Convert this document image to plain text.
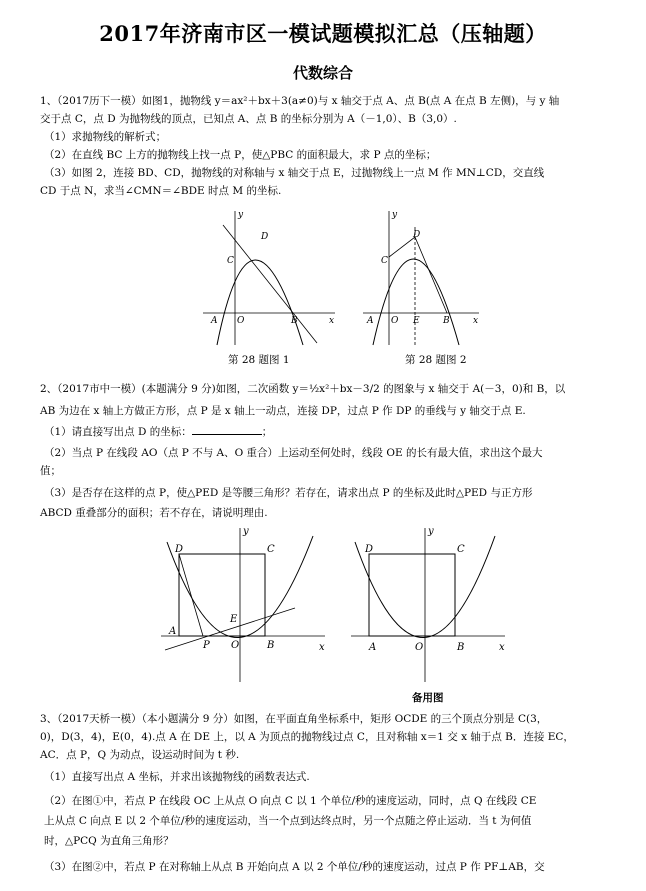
2017年济南市区一模试题模拟汇总（压轴题）
代数综合
1、（2017历下一模）如图1，抛物线 y＝ax²＋bx＋3(a≠0)与 x 轴交于点 A、点 B(点 A 在点 B 左侧)，与 y 轴
交于点 C，点 D 为抛物线的顶点，已知点 A、点 B 的坐标分别为 A（－1,0）、B（3,0）.
（1）求抛物线的解析式；
（2）在直线 BC 上方的抛物线上找一点 P，使△PBC 的面积最大，求 P 点的坐标；
（3）如图 2，连接 BD、CD，抛物线的对称轴与 x 轴交于点 E，过抛物线上一点 M 作 MN⊥CD，交直线
CD 于点 N，求当∠CMN＝∠BDE 时点 M 的坐标.
y
x
D
C
A O	B
第 28 题图 1
y
x
D
C
A O E	B
第 28 题图 2
2、（2017市中一模）(本题满分 9 分)如图，二次函数 y＝½x²＋bx－3/2 的图象与 x 轴交于 A(－3，0)和 B，以
AB 为边在 x 轴上方做正方形，点 P 是 x 轴上一动点，连接 DP，过点 P 作 DP 的垂线与 y 轴交于点 E.
（1）请直接写出点 D 的坐标：	；
（2）当点 P 在线段 AO（点 P 不与 A、O 重合）上运动至何处时，线段 OE 的长有最大值，求出这个最大
值；
（3）是否存在这样的点 P，使△PED 是等腰三角形？若存在，请求出点 P 的坐标及此时△PED 与正方形
ABCD 重叠部分的面积；若不存在，请说明理由.
y
x
D	C
E
A
P O	B
y
x
D	C
A	O	B
备用图
3、（2017天桥一模）（本小题满分 9 分）如图，在平面直角坐标系中，矩形 OCDE 的三个顶点分别是 C(3，
0)，D(3，4)，E(0，4).点 A 在 DE 上，以 A 为顶点的抛物线过点 C，且对称轴 x＝1 交 x 轴于点 B．连接 EC，
AC．点 P，Q 为动点，设运动时间为 t 秒.
（1）直接写出点 A 坐标，并求出该抛物线的函数表达式.
（2）在图①中，若点 P 在线段 OC 上从点 O 向点 C 以 1 个单位/秒的速度运动，同时，点 Q 在线段 CE
上从点 C 向点 E 以 2 个单位/秒的速度运动，当一个点到达终点时，另一个点随之停止运动．当 t 为何值
时，△PCQ 为直角三角形？
（3）在图②中，若点 P 在对称轴上从点 B 开始向点 A 以 2 个单位/秒的速度运动，过点 P 作 PF⊥AB，交
